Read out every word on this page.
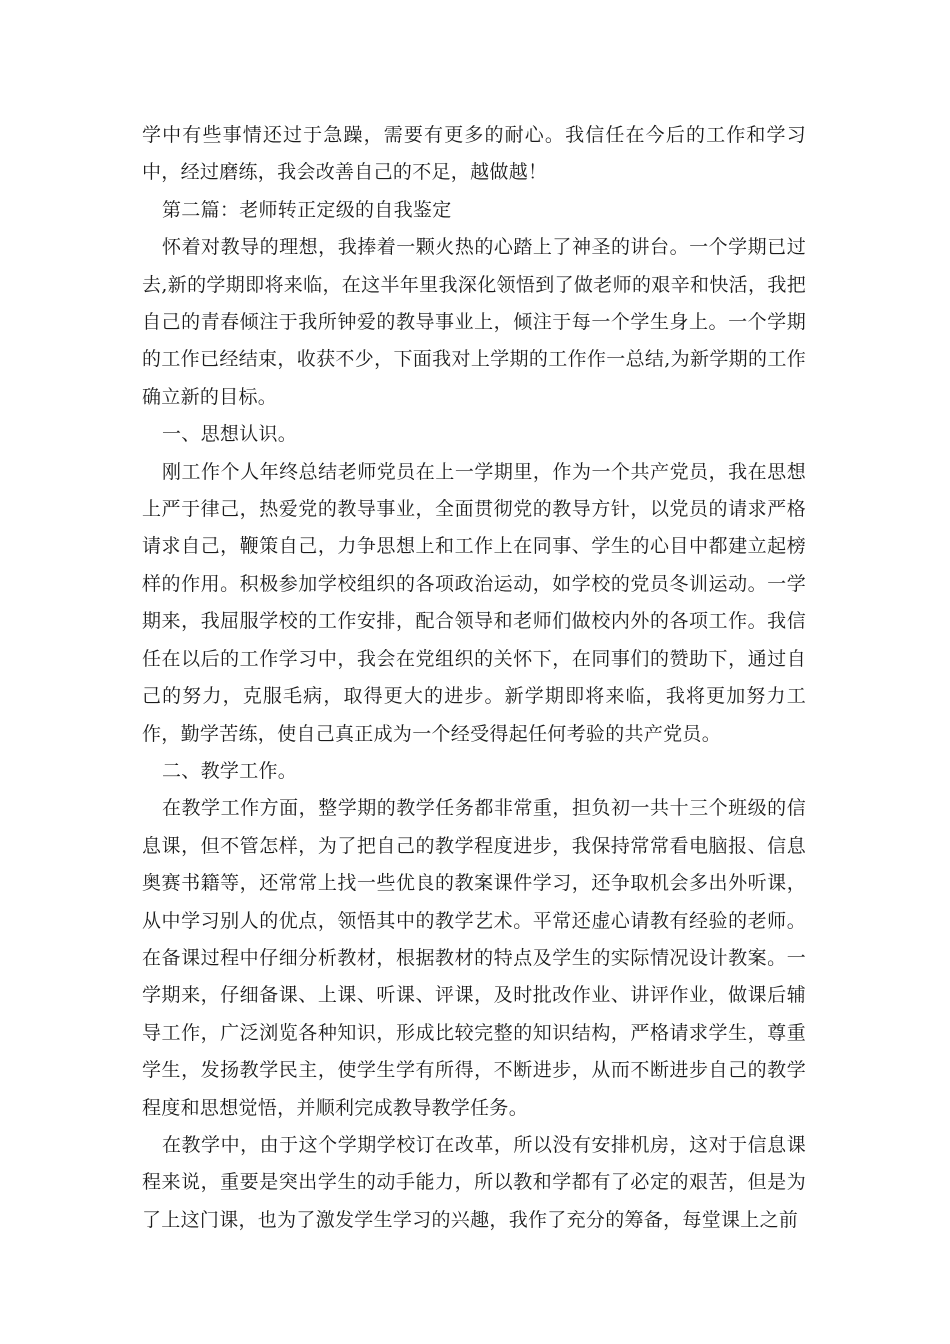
学中有些事情还过于急躁，需要有更多的耐心。我信任在今后的工作和学习中，经过磨练，我会改善自己的不足，越做越！

第二篇：老师转正定级的自我鉴定

怀着对教导的理想，我捧着一颗火热的心踏上了神圣的讲台。一个学期已过去,新的学期即将来临，在这半年里我深化领悟到了做老师的艰辛和快活，我把自己的青春倾注于我所钟爱的教导事业上，倾注于每一个学生身上。一个学期的工作已经结束，收获不少，下面我对上学期的工作作一总结,为新学期的工作确立新的目标。

一、思想认识。

刚工作个人年终总结老师党员在上一学期里，作为一个共产党员，我在思想上严于律己，热爱党的教导事业，全面贯彻党的教导方针，以党员的请求严格请求自己，鞭策自己，力争思想上和工作上在同事、学生的心目中都建立起榜样的作用。积极参加学校组织的各项政治运动，如学校的党员冬训运动。一学期来，我屈服学校的工作安排，配合领导和老师们做校内外的各项工作。我信任在以后的工作学习中，我会在党组织的关怀下，在同事们的赞助下，通过自己的努力，克服毛病，取得更大的进步。新学期即将来临，我将更加努力工作，勤学苦练，使自己真正成为一个经受得起任何考验的共产党员。

二、教学工作。

在教学工作方面，整学期的教学任务都非常重，担负初一共十三个班级的信息课，但不管怎样，为了把自己的教学程度进步，我保持常常看电脑报、信息奥赛书籍等，还常常上找一些优良的教案课件学习，还争取机会多出外听课，从中学习别人的优点，领悟其中的教学艺术。平常还虚心请教有经验的老师。在备课过程中仔细分析教材，根据教材的特点及学生的实际情况设计教案。一学期来，仔细备课、上课、听课、评课，及时批改作业、讲评作业，做课后辅导工作，广泛浏览各种知识，形成比较完整的知识结构，严格请求学生，尊重学生，发扬教学民主，使学生学有所得，不断进步，从而不断进步自己的教学程度和思想觉悟，并顺利完成教导教学任务。

在教学中，由于这个学期学校订在改革，所以没有安排机房，这对于信息课程来说，重要是突出学生的动手能力，所以教和学都有了必定的艰苦，但是为了上这门课，也为了激发学生学习的兴趣，我作了充分的筹备，每堂课上之前
